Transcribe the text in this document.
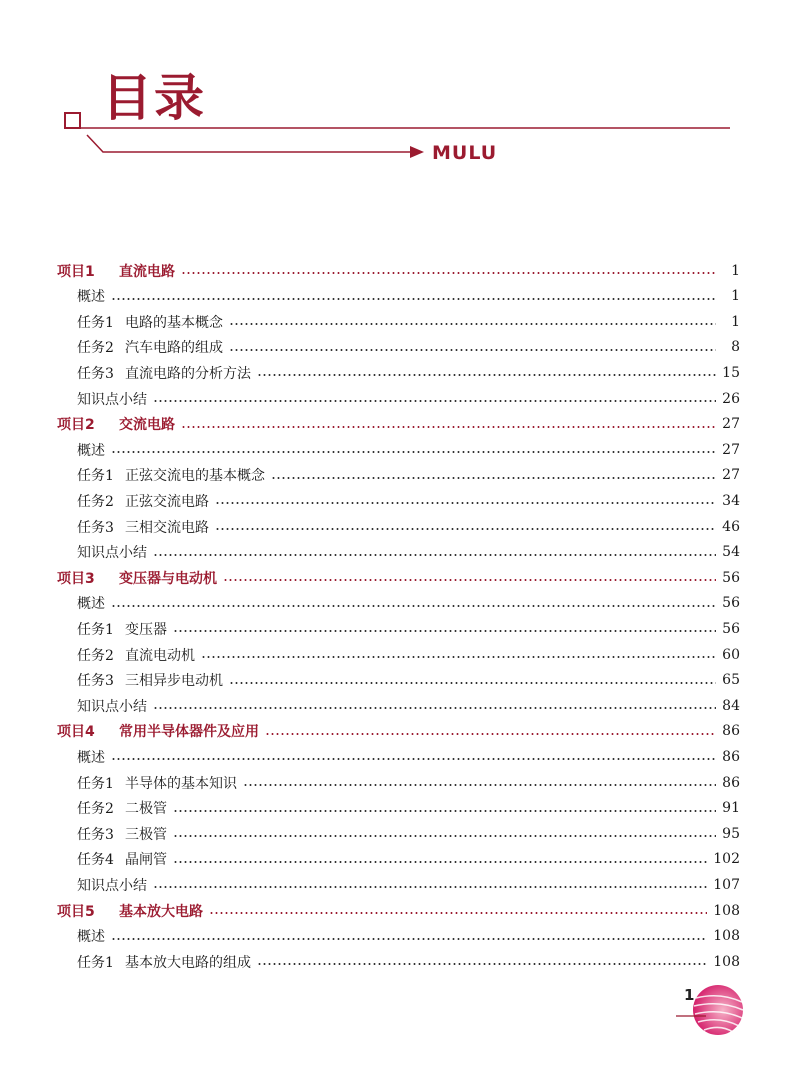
目录
MULU
项目1	直流电路	1
概述	1
任务1 电路的基本概念	1
任务2 汽车电路的组成	8
任务3 直流电路的分析方法	15
知识点小结	26
项目2	交流电路	27
概述	27
任务1 正弦交流电的基本概念	27
任务2 正弦交流电路	34
任务3 三相交流电路	46
知识点小结	54
项目3	变压器与电动机	56
概述	56
任务1 变压器	56
任务2 直流电动机	60
任务3 三相异步电动机	65
知识点小结	84
项目4	常用半导体器件及应用	86
概述	86
任务1 半导体的基本知识	86
任务2 二极管	91
任务3 三极管	95
任务4 晶闸管	102
知识点小结	107
项目5	基本放大电路	108
概述	108
任务1 基本放大电路的组成	108
1
